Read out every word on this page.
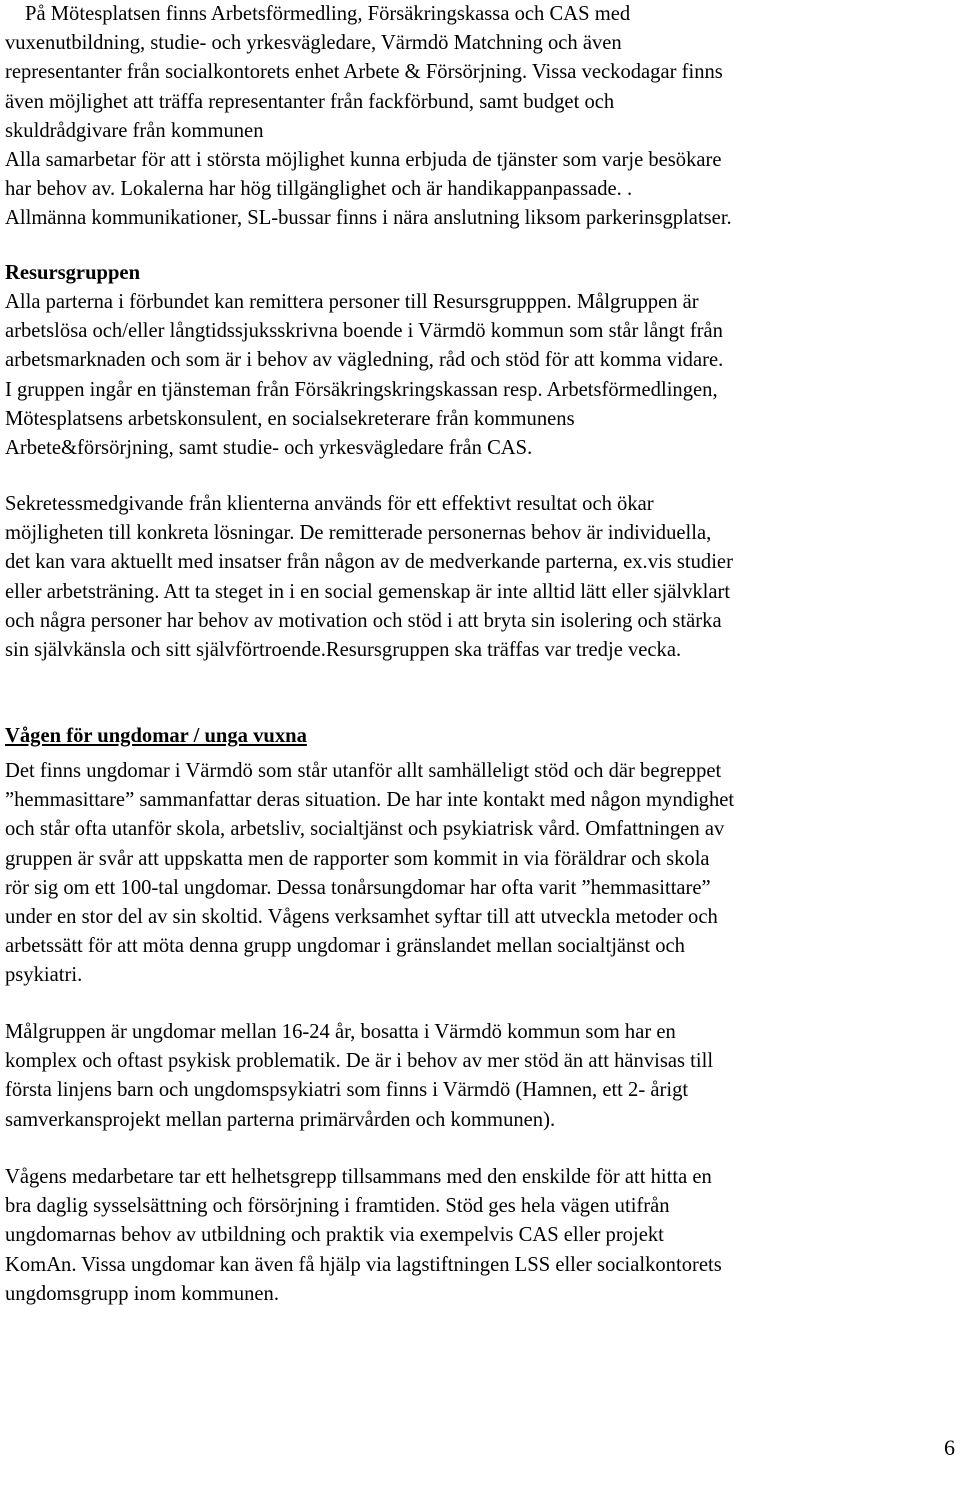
På Mötesplatsen finns Arbetsförmedling, Försäkringskassa och CAS med
vuxenutbildning, studie- och yrkesvägledare, Värmdö Matchning och även
representanter från socialkontorets enhet Arbete & Försörjning. Vissa veckodagar finns
även möjlighet att träffa representanter från fackförbund, samt budget och
skuldrådgivare från kommunen
Alla samarbetar för att i största möjlighet kunna erbjuda de tjänster som varje besökare
har behov av. Lokalerna har hög tillgänglighet och är handikappanpassade. .
Allmänna kommunikationer, SL-bussar finns i nära anslutning liksom parkerinsgplatser.
Resursgruppen
Alla parterna i förbundet kan remittera personer till Resursgrupppen. Målgruppen är
arbetslösa och/eller långtidssjuksskrivna boende i Värmdö kommun som står långt från
arbetsmarknaden och som är i behov av vägledning, råd och stöd för att komma vidare.
I gruppen ingår en tjänsteman från Försäkringskringskassan resp. Arbetsförmedlingen,
Mötesplatsens arbetskonsulent, en socialsekreterare från kommunens
Arbete&försörjning, samt studie- och yrkesvägledare från CAS.
Sekretessmedgivande från klienterna används för ett effektivt resultat och ökar
möjligheten till konkreta lösningar. De remitterade personernas behov är individuella,
det kan vara aktuellt med insatser från någon av de medverkande parterna, ex.vis studier
eller arbetsträning. Att ta steget in i en social gemenskap är inte alltid lätt eller självklart
och några personer har behov av motivation och stöd i att bryta sin isolering och stärka
sin självkänsla och sitt självförtroende.Resursgruppen ska träffas var tredje vecka.
Vågen för ungdomar / unga vuxna
Det finns ungdomar i Värmdö som står utanför allt samhälleligt stöd och där begreppet
”hemmasittare” sammanfattar deras situation. De har inte kontakt med någon myndighet
och står ofta utanför skola, arbetsliv, socialtjänst och psykiatrisk vård. Omfattningen av
gruppen är svår att uppskatta men de rapporter som kommit in via föräldrar och skola
rör sig om ett 100-tal ungdomar. Dessa tonårsungdomar har ofta varit ”hemmasittare”
under en stor del av sin skoltid. Vågens verksamhet syftar till att utveckla metoder och
arbetssätt för att möta denna grupp ungdomar i gränslandet mellan socialtjänst och
psykiatri.
Målgruppen är ungdomar mellan 16-24 år, bosatta i Värmdö kommun som har en
komplex och oftast psykisk problematik. De är i behov av mer stöd än att hänvisas till
första linjens barn och ungdomspsykiatri som finns i Värmdö (Hamnen, ett 2- årigt
samverkansprojekt mellan parterna primärvården och kommunen).
Vågens medarbetare tar ett helhetsgrepp tillsammans med den enskilde för att hitta en
bra daglig sysselsättning och försörjning i framtiden. Stöd ges hela vägen utifrån
ungdomarnas behov av utbildning och praktik via exempelvis CAS eller projekt
KomAn. Vissa ungdomar kan även få hjälp via lagstiftningen LSS eller socialkontorets
ungdomsgrupp inom kommunen.
6
